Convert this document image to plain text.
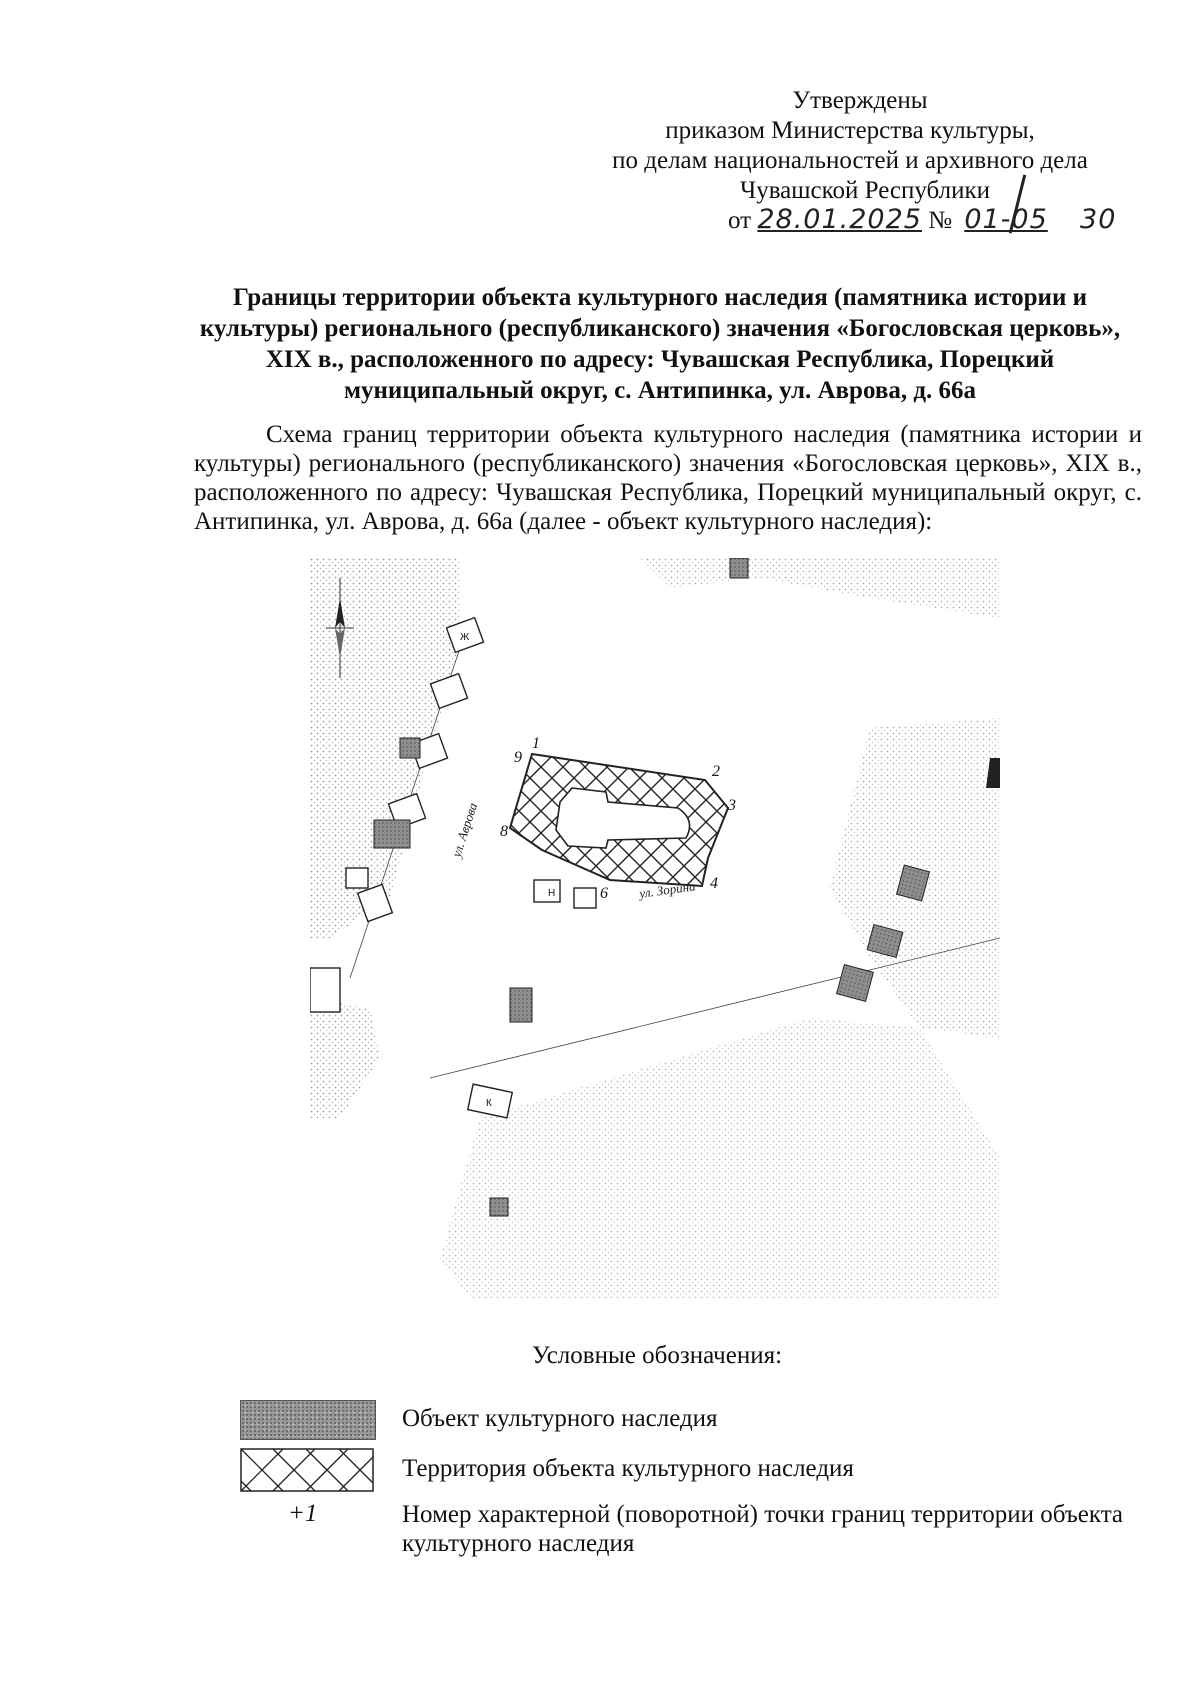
Утверждены
приказом Министерства культуры,
по делам национальностей и архивного дела
Чувашской Республики
от 28.01.2025 № 01-05 30
Границы территории объекта культурного наследия (памятника истории и культуры) регионального (республиканского) значения «Богословская церковь», XIX в., расположенного по адресу: Чувашская Республика, Порецкий муниципальный округ, с. Антипинка, ул. Аврова, д. 66а

Схема границ территории объекта культурного наследия (памятника истории и культуры) регионального (республиканского) значения «Богословская церковь», XIX в., расположенного по адресу: Чувашская Республика, Порецкий муниципальный округ, с. Антипинка, ул. Аврова, д. 66а (далее - объект культурного наследия):

1
2
3
4
6
8
9
ул. Аврова
ул. Зорина
Ж
Н
К
Условные обозначения:
Объект культурного наследия
Территория объекта культурного наследия
+1	Номер характерной (поворотной) точки границ территории объекта культурного наследия
